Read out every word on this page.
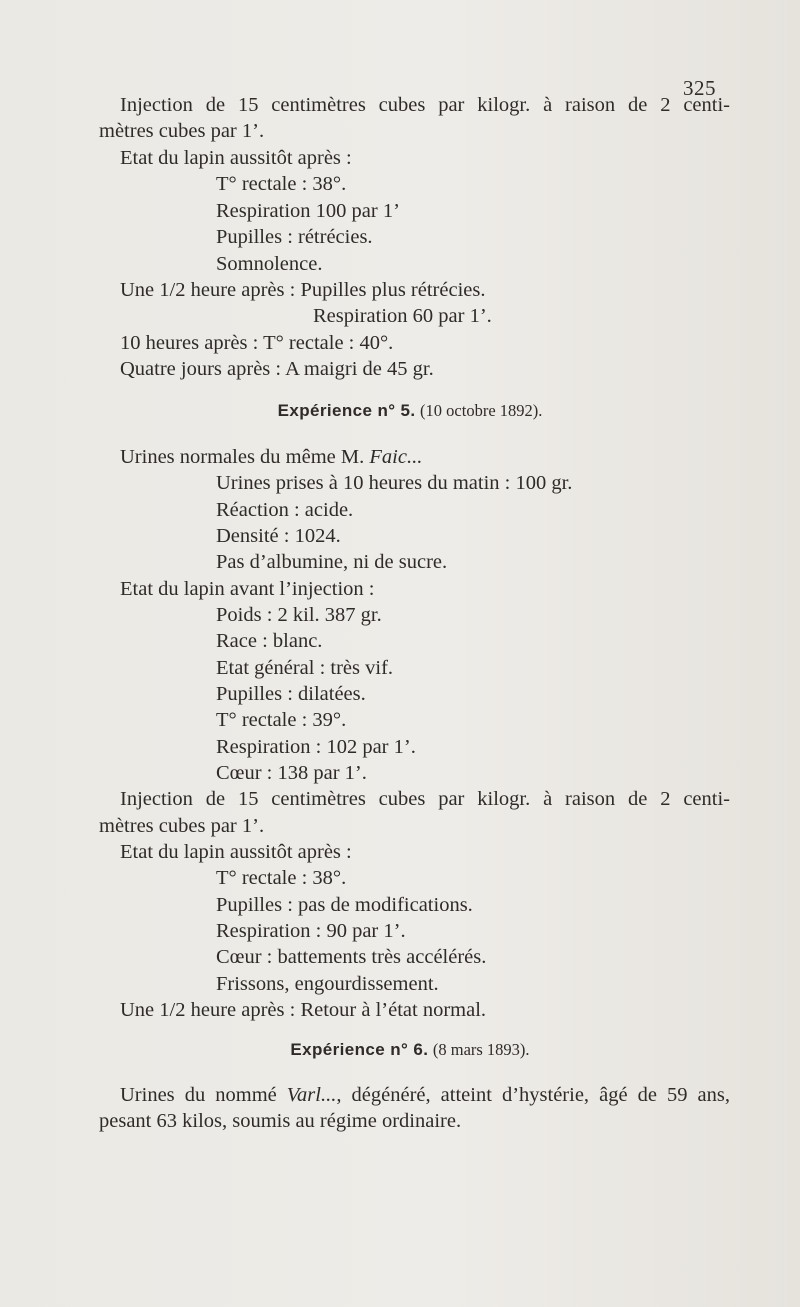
325
Injection de 15 centimètres cubes par kilogr. à raison de 2 centi-
mètres cubes par 1’.
Etat du lapin aussitôt après :
T° rectale : 38°.
Respiration 100 par 1’
Pupilles : rétrécies.
Somnolence.
Une 1/2 heure après : Pupilles plus rétrécies.
Respiration 60 par 1’.
10 heures après : T° rectale : 40°.
Quatre jours après : A maigri de 45 gr.
Expérience n° 5. (10 octobre 1892).
Urines normales du même M. Faic...
Urines prises à 10 heures du matin : 100 gr.
Réaction : acide.
Densité : 1024.
Pas d’albumine, ni de sucre.
Etat du lapin avant l’injection :
Poids : 2 kil. 387 gr.
Race : blanc.
Etat général : très vif.
Pupilles : dilatées.
T° rectale : 39°.
Respiration : 102 par 1’.
Cœur : 138 par 1’.
Injection de 15 centimètres cubes par kilogr. à raison de 2 centi-
mètres cubes par 1’.
Etat du lapin aussitôt après :
T° rectale : 38°.
Pupilles : pas de modifications.
Respiration : 90 par 1’.
Cœur : battements très accélérés.
Frissons, engourdissement.
Une 1/2 heure après : Retour à l’état normal.
Expérience n° 6. (8 mars 1893).
Urines du nommé Varl..., dégénéré, atteint d’hystérie, âgé de 59 ans,
pesant 63 kilos, soumis au régime ordinaire.
